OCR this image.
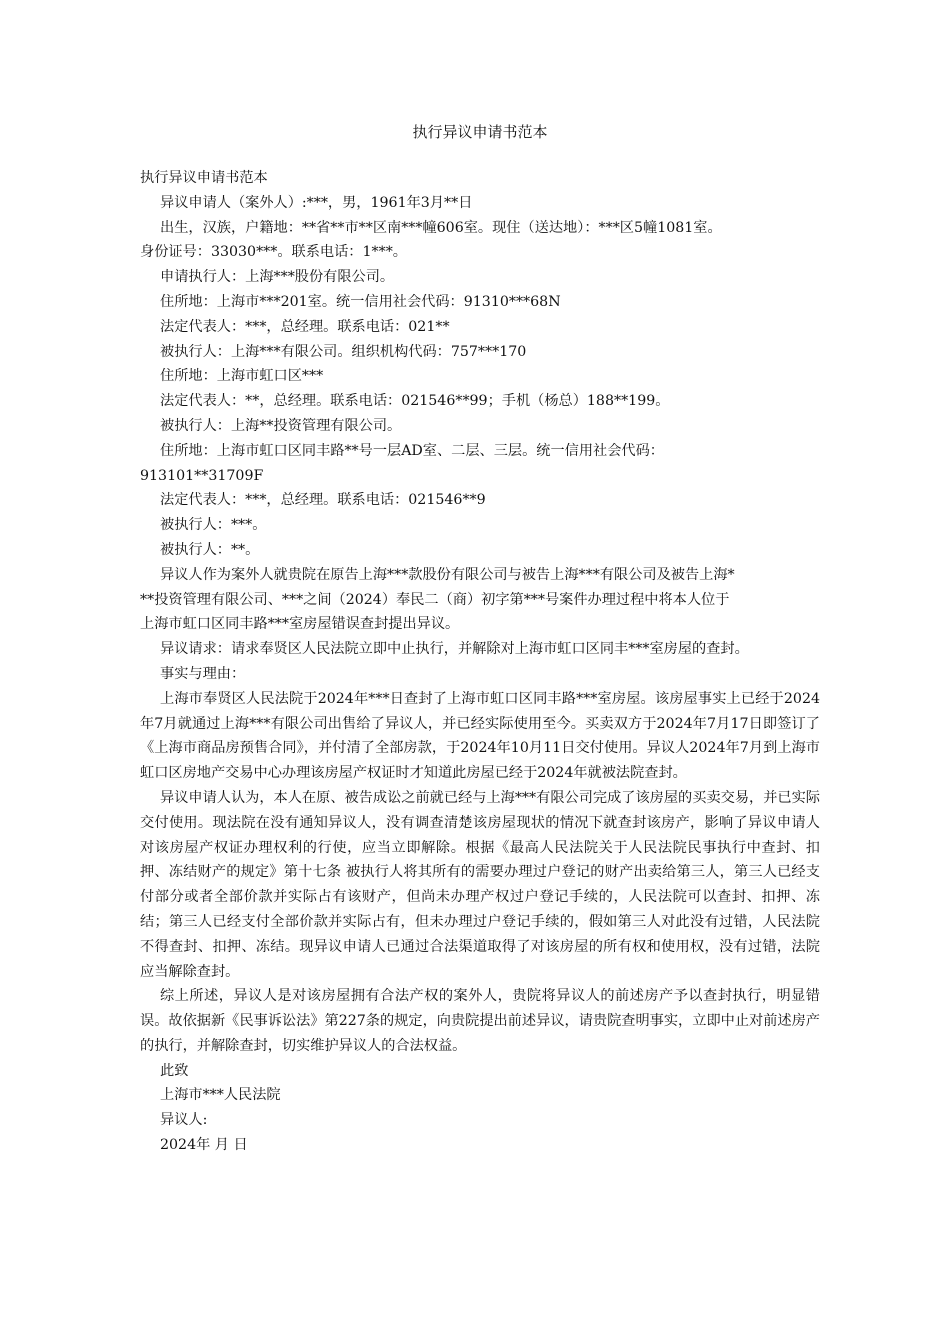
执行异议申请书范本
执行异议申请书范本
异议申请人（案外人）:***，男，1961年3月**日
出生，汉族，户籍地：**省**市**区南***幢606室。现住（送达地）：***区5幢1081室。
身份证号：33030***。联系电话：1***。
申请执行人：上海***股份有限公司。
住所地：上海市***201室。统一信用社会代码：91310***68N
法定代表人：***，总经理。联系电话：021**
被执行人：上海***有限公司。组织机构代码：757***170
住所地：上海市虹口区***
法定代表人：**，总经理。联系电话：021546**99；手机（杨总）188**199。
被执行人：上海**投资管理有限公司。
住所地：上海市虹口区同丰路**号一层AD室、二层、三层。统一信用社会代码：
913101**31709F
法定代表人：***，总经理。联系电话：021546**9
被执行人：***。
被执行人：**。
异议人作为案外人就贵院在原告上海***款股份有限公司与被告上海***有限公司及被告上海*
**投资管理有限公司、***之间（2024）奉民二（商）初字第***号案件办理过程中将本人位于
上海市虹口区同丰路***室房屋错误查封提出异议。
异议请求：请求奉贤区人民法院立即中止执行，并解除对上海市虹口区同丰***室房屋的查封。
事实与理由：
上海市奉贤区人民法院于2024年***日查封了上海市虹口区同丰路***室房屋。该房屋事实上已经于2024年7月就通过上海***有限公司出售给了异议人，并已经实际使用至今。买卖双方于2024年7月17日即签订了《上海市商品房预售合同》，并付清了全部房款，于2024年10月11日交付使用。异议人2024年7月到上海市虹口区房地产交易中心办理该房屋产权证时才知道此房屋已经于2024年就被法院查封。
异议申请人认为，本人在原、被告成讼之前就已经与上海***有限公司完成了该房屋的买卖交易，并已实际交付使用。现法院在没有通知异议人，没有调查清楚该房屋现状的情况下就查封该房产，影响了异议申请人对该房屋产权证办理权利的行使，应当立即解除。根据《最高人民法院关于人民法院民事执行中查封、扣押、冻结财产的规定》第十七条 被执行人将其所有的需要办理过户登记的财产出卖给第三人，第三人已经支付部分或者全部价款并实际占有该财产，但尚未办理产权过户登记手续的，人民法院可以查封、扣押、冻结；第三人已经支付全部价款并实际占有，但未办理过户登记手续的，假如第三人对此没有过错，人民法院不得查封、扣押、冻结。现异议申请人已通过合法渠道取得了对该房屋的所有权和使用权，没有过错，法院应当解除查封。
综上所述，异议人是对该房屋拥有合法产权的案外人，贵院将异议人的前述房产予以查封执行，明显错误。故依据新《民事诉讼法》第227条的规定，向贵院提出前述异议，请贵院查明事实，立即中止对前述房产的执行，并解除查封，切实维护异议人的合法权益。
此致
上海市***人民法院
异议人:
2024年 月 日
